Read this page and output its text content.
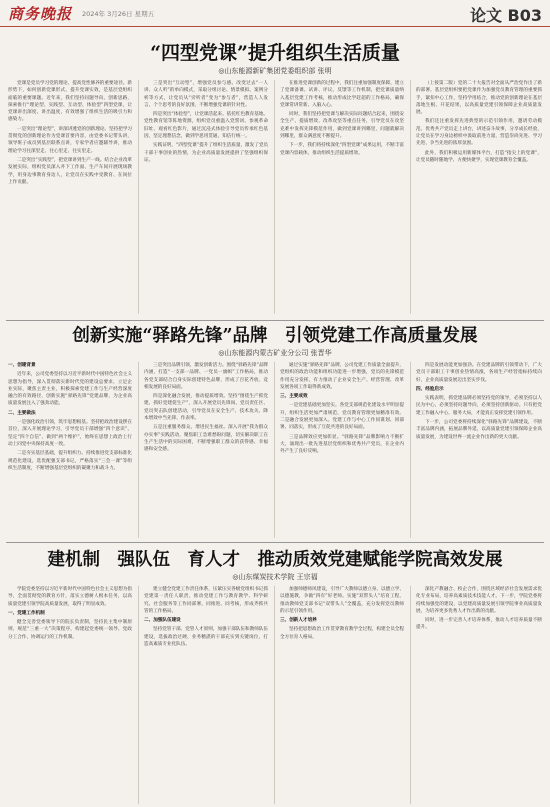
商务晚报 2024年 3月26日 星期五	论文 B03
“四型党课”提升组织生活质量
◎山东能源新矿集团党委组织部 张明

党课是党员学习党的理论、提高党性修养的重要途径。新形势下，如何创新党课形式、提升党课实效，是基层党组织面临的重要课题。近年来，我们坚持问题导向、创新思路，探索推行“理论型、实践型、互动型、体验型”四型党课，让党课讲出深度、讲出温度，有效增强了组织生活的吸引力和感染力。

一是突出“理论型”，讲深讲透党的创新理论。坚持把学习贯彻党的创新理论作为党课首要内容，由党委书记带头讲，领导班子成员到基层联系点讲，专家学者应邀辅导讲，推动理论学习往深里走、往心里走、往实里走。

二是突出“实践型”，把党课讲到生产一线。结合企业改革发展实际，组织党员深入井下工作面、生产车间开展现场教学，用身边事教育身边人，让党员在实践中受教育、在岗位上作贡献。

三是突出“互动型”，增强党员参与感。改变过去“一人讲、众人听”的单向模式，采取分组讨论、情景模拟、案例分析等方式，让党员从“旁听者”变为“参与者”，营造人人发言、个个思考的良好氛围，不断增强党课的针对性。

四是突出“体验型”，让党课活起来。依托红色教育基地、党性教育馆等阵地资源，组织党员重温入党誓词、参观革命旧址、观看红色影片，通过沉浸式体验引导党员传承红色基因，坚定理想信念，做到学思用贯通、知信行统一。

实践证明，“四型党课”提升了组织生活质量，激发了党员干部干事创业的热情，为企业高质量发展提供了坚强组织保证。

在推进党课创新的过程中，我们注重加强制度保障，建立了党课备课、试讲、评议、反馈等工作机制，把党课质量纳入基层党建工作考核，推动形成比学赶超的工作格局，确保党课常讲常新、入脑入心。

同时，我们坚持把党课与解决实际问题结合起来，围绕安全生产、提质增效、改革攻坚等重点任务，引导党员在攻坚克难中发挥先锋模范作用，做到党课讲到哪里，问题就解决到哪里，群众满意度不断提升。

下一步，我们将持续深化“四型党课”成果运用，不断丰富党课内容载体，推动组织生活提质增效。

（上接第二版）党的二十大报告对全面从严治党作出了新的部署。基层党组织要把党课作为加强党员教育管理的重要抓手，紧扣中心工作，坚持学用结合，推动党的创新理论在基层落地生根、开花结果，以高质量党建引领保障企业高质量发展。

我们还注重发挥先进典型的示范引领作用，邀请劳动模范、优秀共产党员走上讲台，讲述奋斗故事，分享成长经验，让党员在学习身边榜样中汲取前进力量，营造崇尚先进、学习先进、争当先进的浓厚氛围。

此外，我们积极运用新媒体平台，打造“指尖上的党课”，让党员随时随地学、方便快捷学，实现党课教育全覆盖。

创新实施“驿路先锋”品牌　引领党建工作高质量发展
◎山东能源内蒙古矿业分公司 张晋华

一、创建背景

近年来，公司党委坚持以习近平新时代中国特色社会主义思想为指导，深入贯彻落实新时代党的建设总要求，立足企业实际，聚焦主责主业，积极探索党建工作与生产经营深度融合的有效路径，创新实施“驿路先锋”党建品牌，为企业高质量发展注入了强劲动能。

二、主要做法

一是强化政治引领，筑牢思想根基。坚持把政治建设摆在首位，深入开展理论学习，引导党员干部增强“四个意识”、坚定“四个自信”、做到“两个维护”，始终在思想上政治上行动上同党中央保持高度一致。

二是夯实基层基础，提升组织力。持续推进党支部标准化规范化建设，选优配强支部书记，严格落实“三会一课”等组织生活制度，不断增强基层党组织的凝聚力和战斗力。

三是突出品牌引领，激发创新活力。围绕“驿路先锋”品牌内涵，打造“一支部一品牌、一党员一旗帜”工作格局，推动各党支部结合自身实际创建特色品牌，形成了百花齐放、竞相发展的良好局面。

四是深化融合发展，推动提质增效。坚持“围绕生产抓党建、抓好党建促生产”，深入开展党员先锋岗、党员责任区、党员突击队创建活动，引导党员在安全生产、技术攻关、降本增效中当先锋、作表率。

五是注重服务群众，增进民生福祉。深入开展“我为群众办实事”实践活动，聚焦职工急难愁盼问题，切实解决职工在生产生活中的实际困难，不断增强职工群众的获得感、幸福感和安全感。

通过实施“驿路先锋”品牌，公司党建工作质量全面提升，党组织的政治功能和组织功能进一步增强，党员的先锋模范作用充分发挥，有力推动了企业安全生产、经营管理、改革发展各项工作取得新成效。

三、主要成效

一是党建基础更加坚实。各党支部规范化建设水平明显提升，组织生活更加严肃规范，党员教育管理更加精准有效。二是融合发展更加深入。党建工作与中心工作同谋划、同部署、同落实，形成了互促共进的良好局面。

三是品牌效应更加彰显。“驿路先锋”品牌影响力不断扩大，涌现出一批先进基层党组织和优秀共产党员，在企业内外产生了良好反响。

四是发展动能更加强劲。在党建品牌的引领带动下，广大党员干部职工干事创业热情高涨，各项生产经营指标持续向好，企业高质量发展迈出坚实步伐。

四、经验启示

实践表明，抓党建品牌必须坚持党的领导，必须坚持以人民为中心，必须坚持问题导向，必须坚持创新驱动。只有把党建工作融入中心、服务大局，才能真正发挥党建引领作用。

下一步，公司党委将持续深化“驿路先锋”品牌建设，不断丰富品牌内涵，拓展品牌外延，以高质量党建引领保障企业高质量发展，为建设世界一流企业作出新的更大贡献。

建机制　强队伍　育人才　推动质效党建赋能学院高效发展
◎山东煤炭技术学院 王宗福

学院党委坚持以习近平新时代中国特色社会主义思想为指导，全面贯彻党的教育方针，落实立德树人根本任务，以高质量党建引领学院高质量发展，取得了明显成效。

一、党建工作机制

健全完善党委领导下的院长负责制，坚持民主集中制原则，规范“三重一大”决策程序，构建起党委统一领导、党政分工合作、协调运行的工作机制。

建立健全党建工作责任体系，压紧压实各级党组织书记抓党建第一责任人职责，推动党建工作与教育教学、科学研究、社会服务等工作同部署、同推进、同考核，形成齐抓共管的工作格局。

二、加强队伍建设

坚持党管干部、党管人才原则，加强干部队伍和教师队伍建设，选拔政治过硬、业务精湛的干部充实到关键岗位，打造高素质专业化队伍。

加强师德师风建设，引导广大教师以德立身、以德立学、以德施教，争做“四有”好老师。实施“双带头人”培育工程，推动教师党支部书记“双带头人”全覆盖，充分发挥党员教师的示范引领作用。

三、创新人才培养

坚持把思想政治工作贯穿教育教学全过程，构建全员全程全方位育人格局。

深化产教融合、校企合作，围绕区域经济社会发展需求优化专业布局，培养高素质技术技能人才。下一步，学院党委将持续加强党的建设，以党建高质量发展引领学院事业高质量发展，为培养更多优秀人才作出新的贡献。

同时，进一步完善人才培养体系，推动人才培养质量不断提升。
